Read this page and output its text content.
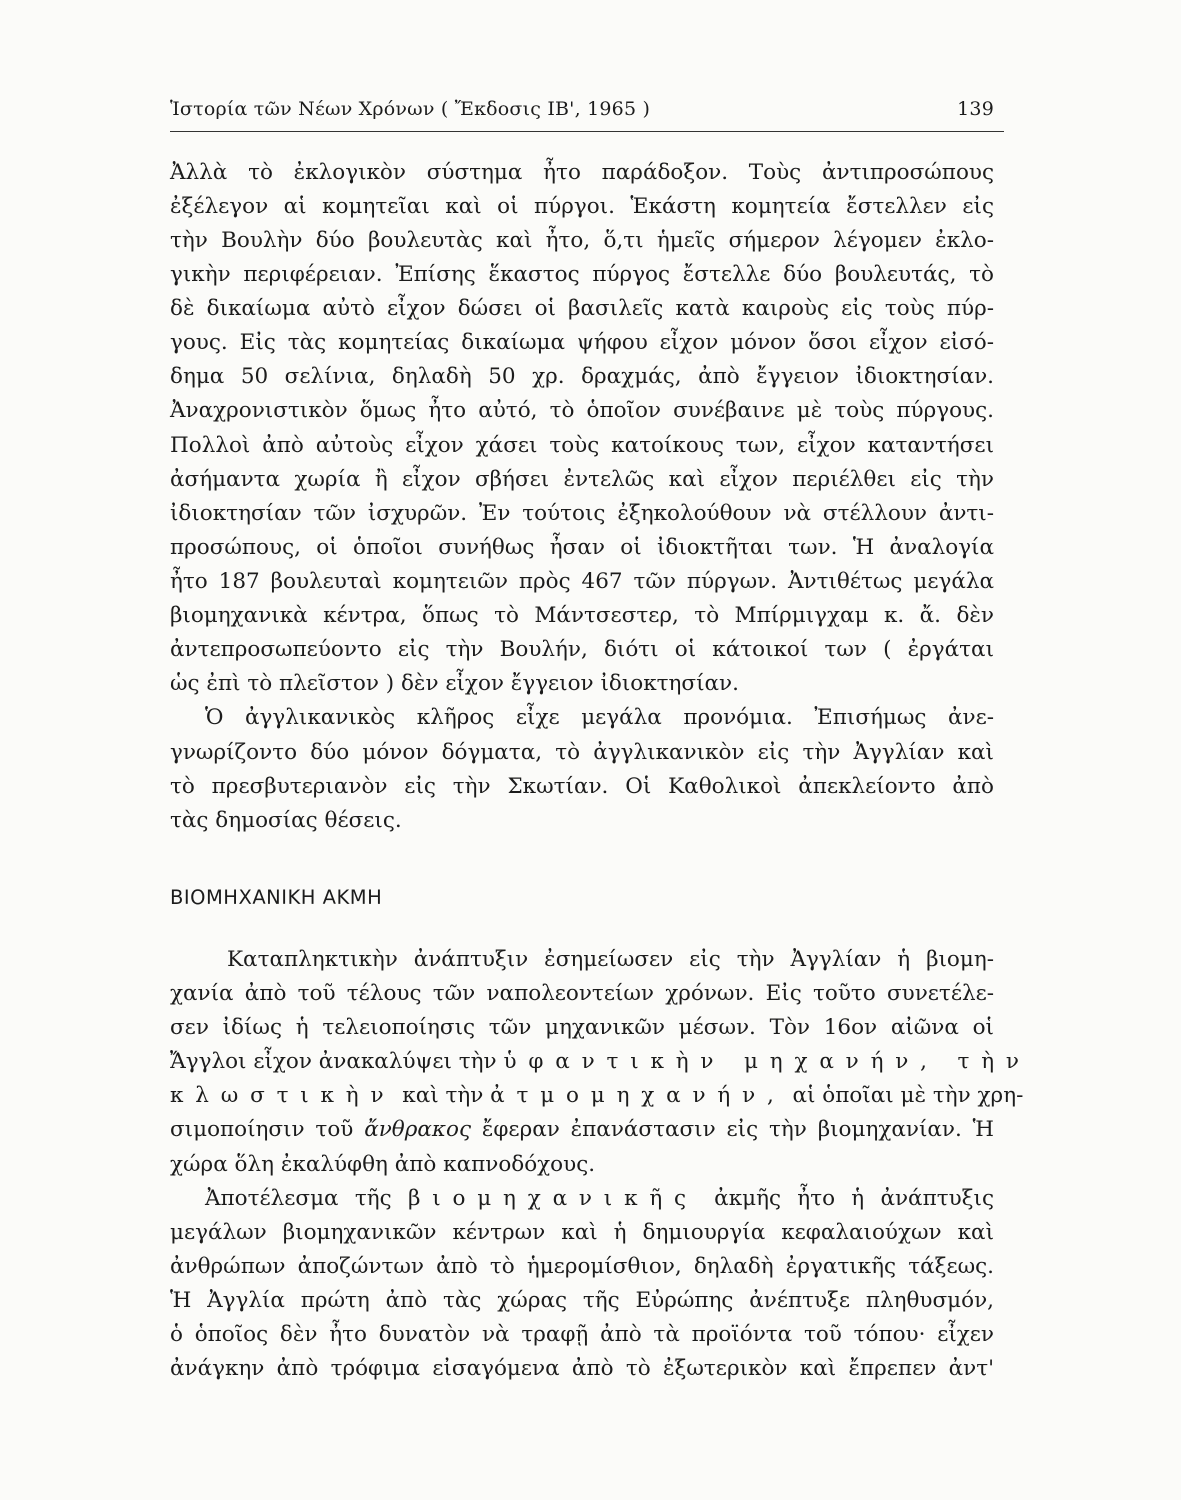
Ἱστορία τῶν Νέων Χρόνων ( Ἔκδοσις ΙΒ', 1965 )	139
Ἀλλὰ τὸ ἐκλογικὸν σύστημα ἦτο παράδοξον. Τοὺς ἀντιπροσώπους
ἐξέλεγον αἱ κομητεῖαι καὶ οἱ πύργοι. Ἑκάστη κομητεία ἔστελλεν εἰς
τὴν Βουλὴν δύο βουλευτὰς καὶ ἦτο, ὅ,τι ἡμεῖς σήμερον λέγομεν ἐκλο-
γικὴν περιφέρειαν. Ἐπίσης ἕκαστος πύργος ἔστελλε δύο βουλευτάς, τὸ
δὲ δικαίωμα αὐτὸ εἶχον δώσει οἱ βασιλεῖς κατὰ καιροὺς εἰς τοὺς πύρ-
γους. Εἰς τὰς κομητείας δικαίωμα ψήφου εἶχον μόνον ὅσοι εἶχον εἰσό-
δημα 50 σελίνια, δηλαδὴ 50 χρ. δραχμάς, ἀπὸ ἔγγειον ἰδιοκτησίαν.
Ἀναχρονιστικὸν ὅμως ἦτο αὐτό, τὸ ὁποῖον συνέβαινε μὲ τοὺς πύργους.
Πολλοὶ ἀπὸ αὐτοὺς εἶχον χάσει τοὺς κατοίκους των, εἶχον καταντήσει
ἀσήμαντα χωρία ἢ εἶχον σβήσει ἐντελῶς καὶ εἶχον περιέλθει εἰς τὴν
ἰδιοκτησίαν τῶν ἰσχυρῶν. Ἐν τούτοις ἐξηκολούθουν νὰ στέλλουν ἀντι-
προσώπους, οἱ ὁποῖοι συνήθως ἦσαν οἱ ἰδιοκτῆται των. Ἡ ἀναλογία
ἦτο 187 βουλευταὶ κομητειῶν πρὸς 467 τῶν πύργων. Ἀντιθέτως μεγάλα
βιομηχανικὰ κέντρα, ὅπως τὸ Μάντσεστερ, τὸ Μπίρμιγχαμ κ. ἄ. δὲν
ἀντεπροσωπεύοντο εἰς τὴν Βουλήν, διότι οἱ κάτοικοί των ( ἐργάται
ὡς ἐπὶ τὸ πλεῖστον ) δὲν εἶχον ἔγγειον ἰδιοκτησίαν.
Ὁ ἀγγλικανικὸς κλῆρος εἶχε μεγάλα προνόμια. Ἐπισήμως ἀνε-
γνωρίζοντο δύο μόνον δόγματα, τὸ ἀγγλικανικὸν εἰς τὴν Ἀγγλίαν καὶ
τὸ πρεσβυτεριανὸν εἰς τὴν Σκωτίαν. Οἱ Καθολικοὶ ἀπεκλείοντο ἀπὸ
τὰς δημοσίας θέσεις.
ΒΙΟΜΗΧΑΝΙΚΗ ΑΚΜΗ
Καταπληκτικὴν ἀνάπτυξιν ἐσημείωσεν εἰς τὴν Ἀγγλίαν ἡ βιομη-
χανία ἀπὸ τοῦ τέλους τῶν ναπολεοντείων χρόνων. Εἰς τοῦτο συνετέλε-
σεν ἰδίως ἡ τελειοποίησις τῶν μηχανικῶν μέσων. Τὸν 16ον αἰῶνα οἱ
Ἄγγλοι εἶχον ἀνακαλύψει τὴν ὑφαντικὴν μηχανήν, τὴν
κλωστικὴν καὶ τὴν ἀτμομηχανήν, αἱ ὁποῖαι μὲ τὴν χρη-
σιμοποίησιν τοῦ ἄνθρακος ἔφεραν ἐπανάστασιν εἰς τὴν βιομηχανίαν. Ἡ
χώρα ὅλη ἐκαλύφθη ἀπὸ καπνοδόχους.
Ἀποτέλεσμα τῆς βιομηχανικῆς ἀκμῆς ἦτο ἡ ἀνάπτυξις
μεγάλων βιομηχανικῶν κέντρων καὶ ἡ δημιουργία κεφαλαιούχων καὶ
ἀνθρώπων ἀποζώντων ἀπὸ τὸ ἡμερομίσθιον, δηλαδὴ ἐργατικῆς τάξεως.
Ἡ Ἀγγλία πρώτη ἀπὸ τὰς χώρας τῆς Εὐρώπης ἀνέπτυξε πληθυσμόν,
ὁ ὁποῖος δὲν ἦτο δυνατὸν νὰ τραφῇ ἀπὸ τὰ προϊόντα τοῦ τόπου· εἶχεν
ἀνάγκην ἀπὸ τρόφιμα εἰσαγόμενα ἀπὸ τὸ ἐξωτερικὸν καὶ ἔπρεπεν ἀντ'
